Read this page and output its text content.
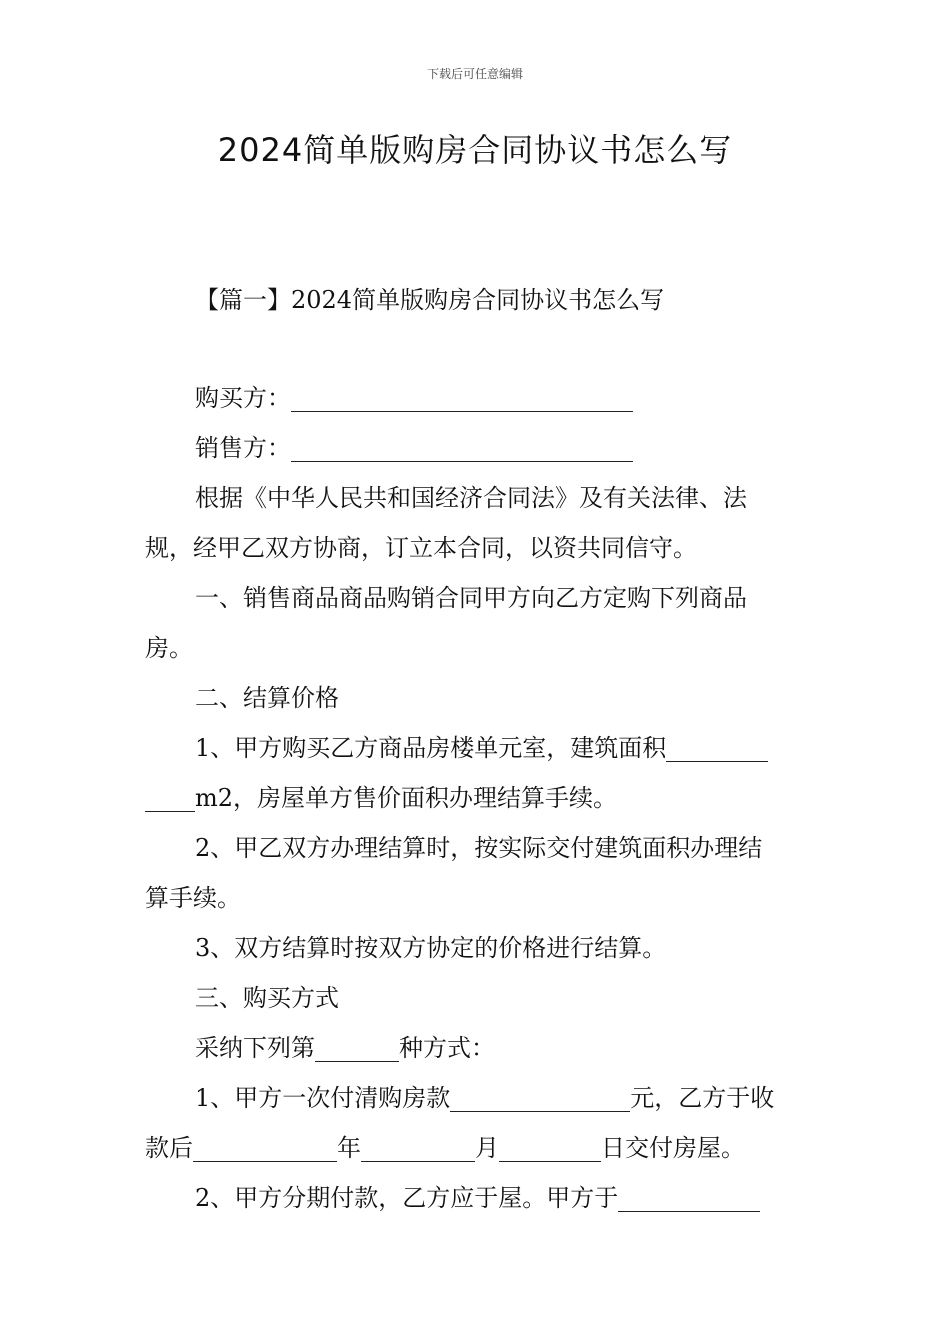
下载后可任意编辑
2024简单版购房合同协议书怎么写
【篇一】2024简单版购房合同协议书怎么写
购买方：
销售方：
根据《中华人民共和国经济合同法》及有关法律、法
规，经甲乙双方协商，订立本合同，以资共同信守。
一、销售商品商品购销合同甲方向乙方定购下列商品
房。
二、结算价格
1、甲方购买乙方商品房楼单元室，建筑面积
m2，房屋单方售价面积办理结算手续。
2、甲乙双方办理结算时，按实际交付建筑面积办理结
算手续。
3、双方结算时按双方协定的价格进行结算。
三、购买方式
采纳下列第	种方式：
1、甲方一次付清购房款	元，乙方于收
款后	年	月	日交付房屋。
2、甲方分期付款，乙方应于屋。甲方于
